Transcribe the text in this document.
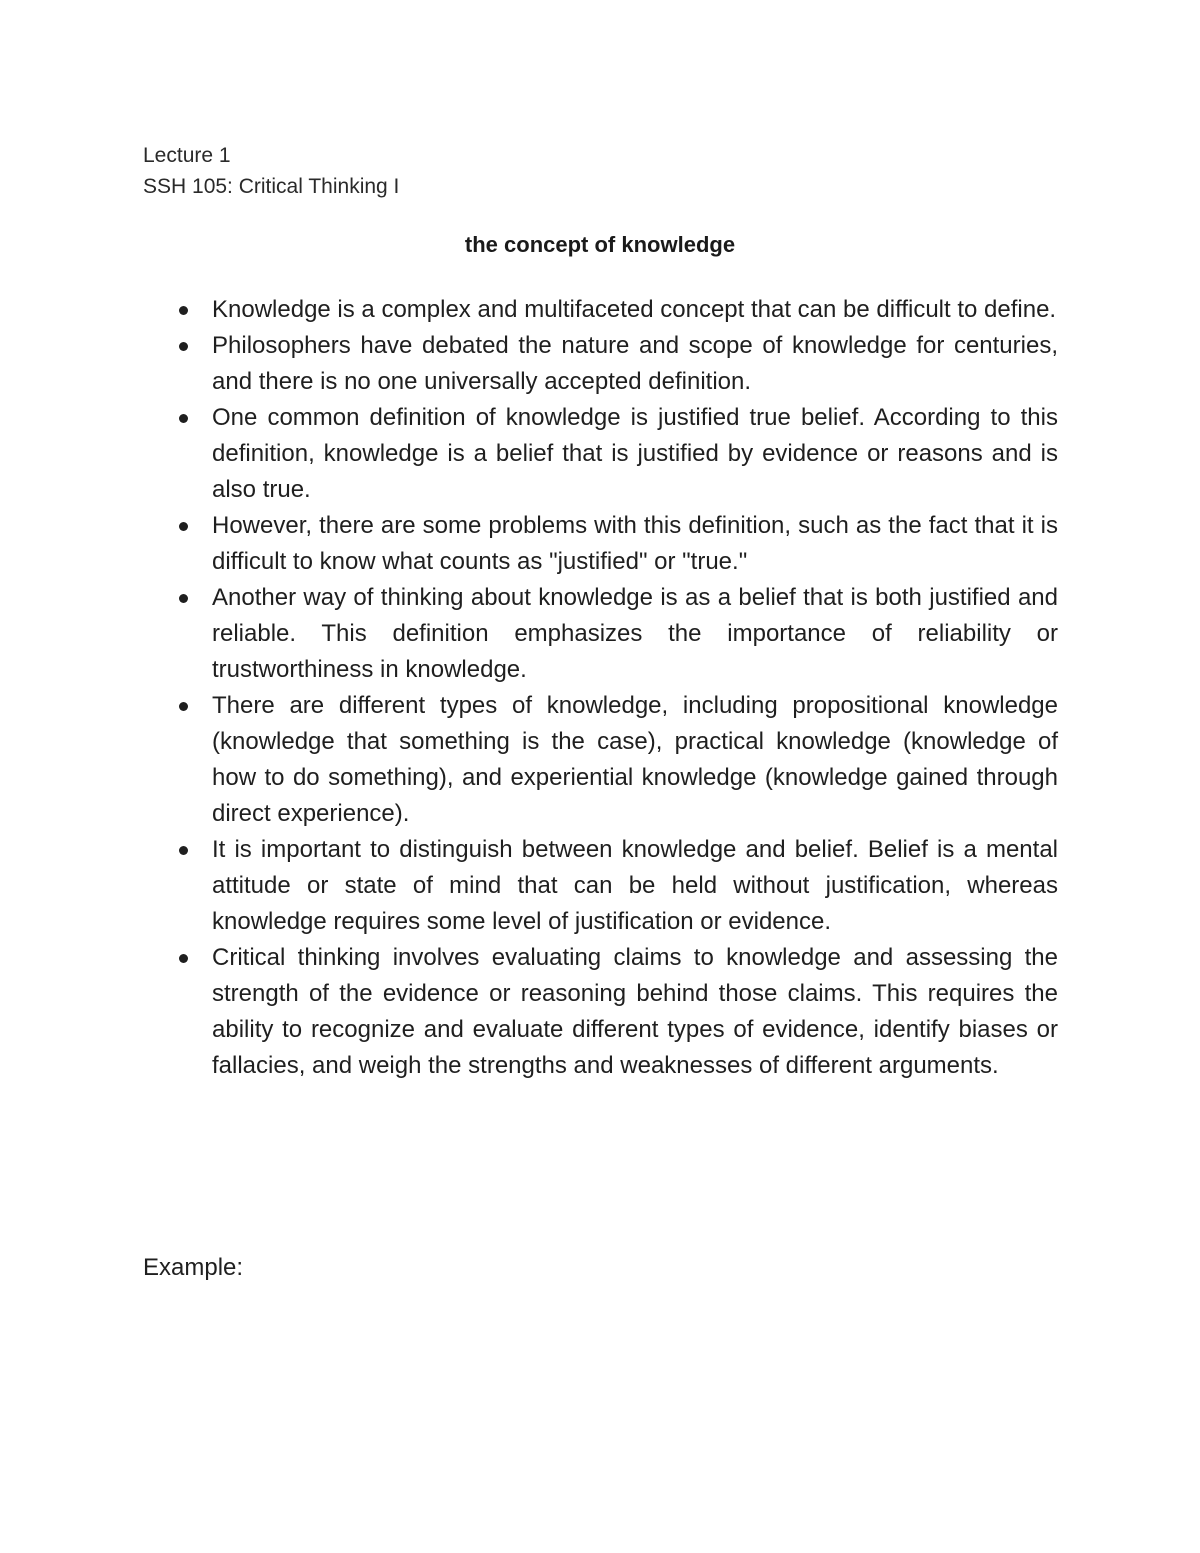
Lecture 1
SSH 105: Critical Thinking I
the concept of knowledge
Knowledge is a complex and multifaceted concept that can be difficult to define.
Philosophers have debated the nature and scope of knowledge for centuries, and there is no one universally accepted definition.
One common definition of knowledge is justified true belief. According to this definition, knowledge is a belief that is justified by evidence or reasons and is also true.
However, there are some problems with this definition, such as the fact that it is difficult to know what counts as "justified" or "true."
Another way of thinking about knowledge is as a belief that is both justified and reliable. This definition emphasizes the importance of reliability or trustworthiness in knowledge.
There are different types of knowledge, including propositional knowledge (knowledge that something is the case), practical knowledge (knowledge of how to do something), and experiential knowledge (knowledge gained through direct experience).
It is important to distinguish between knowledge and belief. Belief is a mental attitude or state of mind that can be held without justification, whereas knowledge requires some level of justification or evidence.
Critical thinking involves evaluating claims to knowledge and assessing the strength of the evidence or reasoning behind those claims. This requires the ability to recognize and evaluate different types of evidence, identify biases or fallacies, and weigh the strengths and weaknesses of different arguments.
Example:
